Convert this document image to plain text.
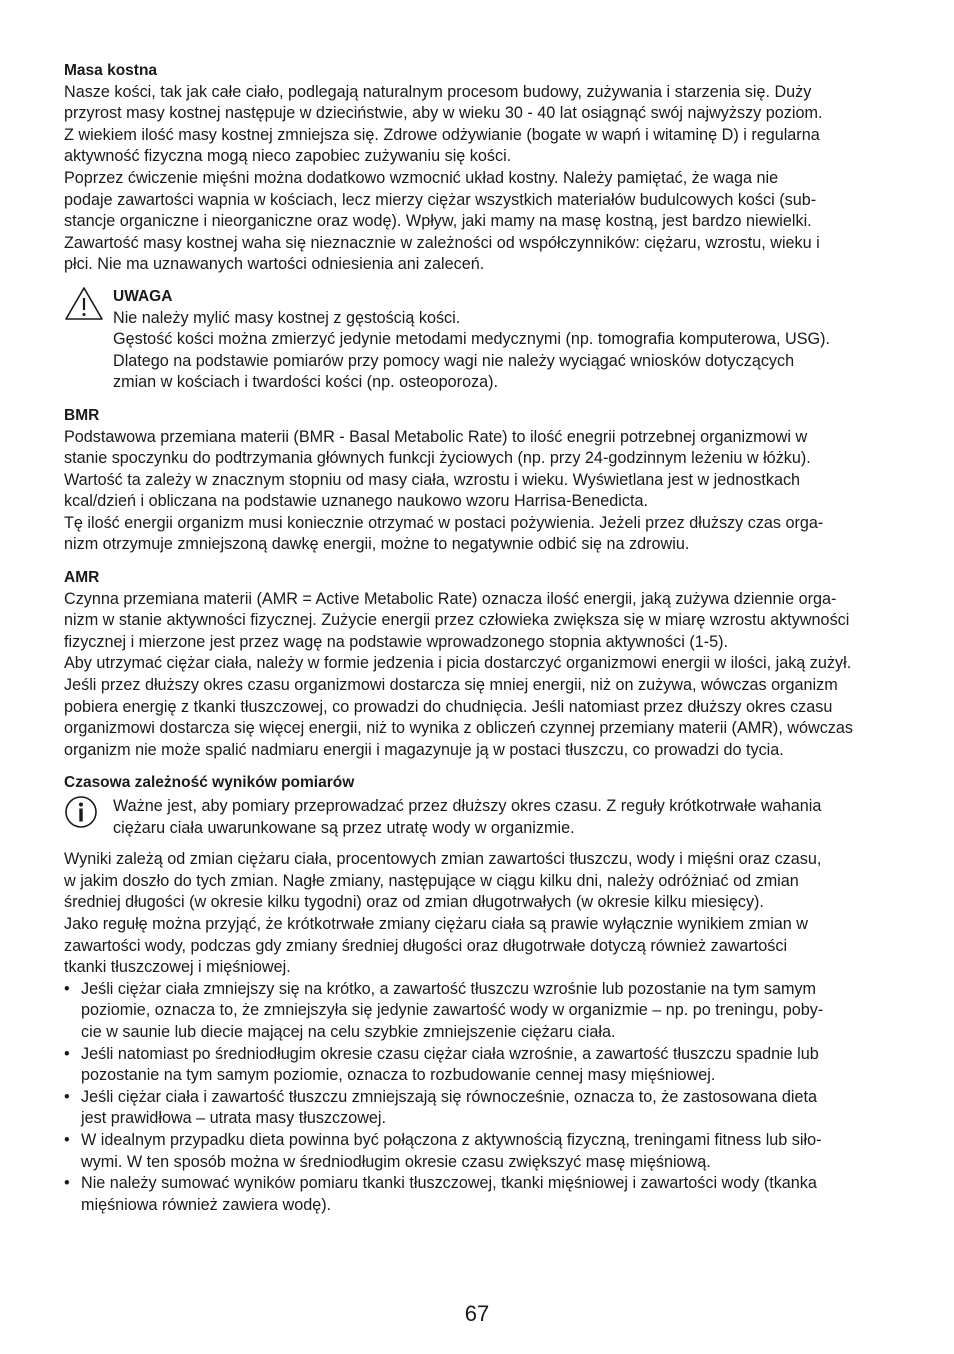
Masa kostna
Nasze kości, tak jak całe ciało, podlegają naturalnym procesom budowy, zużywania i starzenia się. Duży
przyrost masy kostnej następuje w dzieciństwie, aby w wieku 30 - 40 lat osiągnąć swój najwyższy poziom.
Z wiekiem ilość masy kostnej zmniejsza się. Zdrowe odżywianie (bogate w wapń i witaminę D) i regularna
aktywność fizyczna mogą nieco zapobiec zużywaniu się kości.
Poprzez ćwiczenie mięśni można dodatkowo wzmocnić układ kostny. Należy pamiętać, że waga nie
podaje zawartości wapnia w kościach, lecz mierzy ciężar wszystkich materiałów budulcowych kości (sub-
stancje organiczne i nieorganiczne oraz wodę). Wpływ, jaki mamy na masę kostną, jest bardzo niewielki.
Zawartość masy kostnej waha się nieznacznie w zależności od współczynników: ciężaru, wzrostu, wieku i
płci. Nie ma uznawanych wartości odniesienia ani zaleceń.
UWAGA
Nie należy mylić masy kostnej z gęstością kości.
Gęstość kości można zmierzyć jedynie metodami medycznymi (np. tomografia komputerowa, USG).
Dlatego na podstawie pomiarów przy pomocy wagi nie należy wyciągać wniosków dotyczących
zmian w kościach i twardości kości (np. osteoporoza).
BMR
Podstawowa przemiana materii (BMR - Basal Metabolic Rate) to ilość enegrii potrzebnej organizmowi w
stanie spoczynku do podtrzymania głównych funkcji życiowych (np. przy 24-godzinnym leżeniu w łóżku).
Wartość ta zależy w znacznym stopniu od masy ciała, wzrostu i wieku. Wyświetlana jest w jednostkach
kcal/dzień i obliczana na podstawie uznanego naukowo wzoru Harrisa-Benedicta.
Tę ilość energii organizm musi koniecznie otrzymać w postaci pożywienia. Jeżeli przez dłuższy czas orga-
nizm otrzymuje zmniejszoną dawkę energii, możne to negatywnie odbić się na zdrowiu.
AMR
Czynna przemiana materii (AMR = Active Metabolic Rate) oznacza ilość energii, jaką zużywa dziennie orga-
nizm w stanie aktywności fizycznej. Zużycie energii przez człowieka zwiększa się w miarę wzrostu aktywności
fizycznej i mierzone jest przez wagę na podstawie wprowadzonego stopnia aktywności (1-5).
Aby utrzymać ciężar ciała, należy w formie jedzenia i picia dostarczyć organizmowi energii w ilości, jaką zużył.
Jeśli przez dłuższy okres czasu organizmowi dostarcza się mniej energii, niż on zużywa, wówczas organizm
pobiera energię z tkanki tłuszczowej, co prowadzi do chudnięcia. Jeśli natomiast przez dłuższy okres czasu
organizmowi dostarcza się więcej energii, niż to wynika z obliczeń czynnej przemiany materii (AMR), wówczas
organizm nie może spalić nadmiaru energii i magazynuje ją w postaci tłuszczu, co prowadzi do tycia.
Czasowa zależność wyników pomiarów
Ważne jest, aby pomiary przeprowadzać przez dłuższy okres czasu. Z reguły krótkotrwałe wahania
ciężaru ciała uwarunkowane są przez utratę wody w organizmie.
Wyniki zależą od zmian ciężaru ciała, procentowych zmian zawartości tłuszczu, wody i mięśni oraz czasu,
w jakim doszło do tych zmian. Nagłe zmiany, następujące w ciągu kilku dni, należy odróżniać od zmian
średniej długości (w okresie kilku tygodni) oraz od zmian długotrwałych (w okresie kilku miesięcy).
Jako regułę można przyjąć, że krótkotrwałe zmiany ciężaru ciała są prawie wyłącznie wynikiem zmian w
zawartości wody, podczas gdy zmiany średniej długości oraz długotrwałe dotyczą również zawartości
tkanki tłuszczowej i mięśniowej.
• Jeśli ciężar ciała zmniejszy się na krótko, a zawartość tłuszczu wzrośnie lub pozostanie na tym samym
poziomie, oznacza to, że zmniejszyła się jedynie zawartość wody w organizmie – np. po treningu, poby-
cie w saunie lub diecie mającej na celu szybkie zmniejszenie ciężaru ciała.
• Jeśli natomiast po średniodługim okresie czasu ciężar ciała wzrośnie, a zawartość tłuszczu spadnie lub
pozostanie na tym samym poziomie, oznacza to rozbudowanie cennej masy mięśniowej.
• Jeśli ciężar ciała i zawartość tłuszczu zmniejszają się równocześnie, oznacza to, że zastosowana dieta
jest prawidłowa – utrata masy tłuszczowej.
• W idealnym przypadku dieta powinna być połączona z aktywnością fizyczną, treningami fitness lub siło-
wymi. W ten sposób można w średniodługim okresie czasu zwiększyć masę mięśniową.
• Nie należy sumować wyników pomiaru tkanki tłuszczowej, tkanki mięśniowej i zawartości wody (tkanka
mięśniowa również zawiera wodę).
67
